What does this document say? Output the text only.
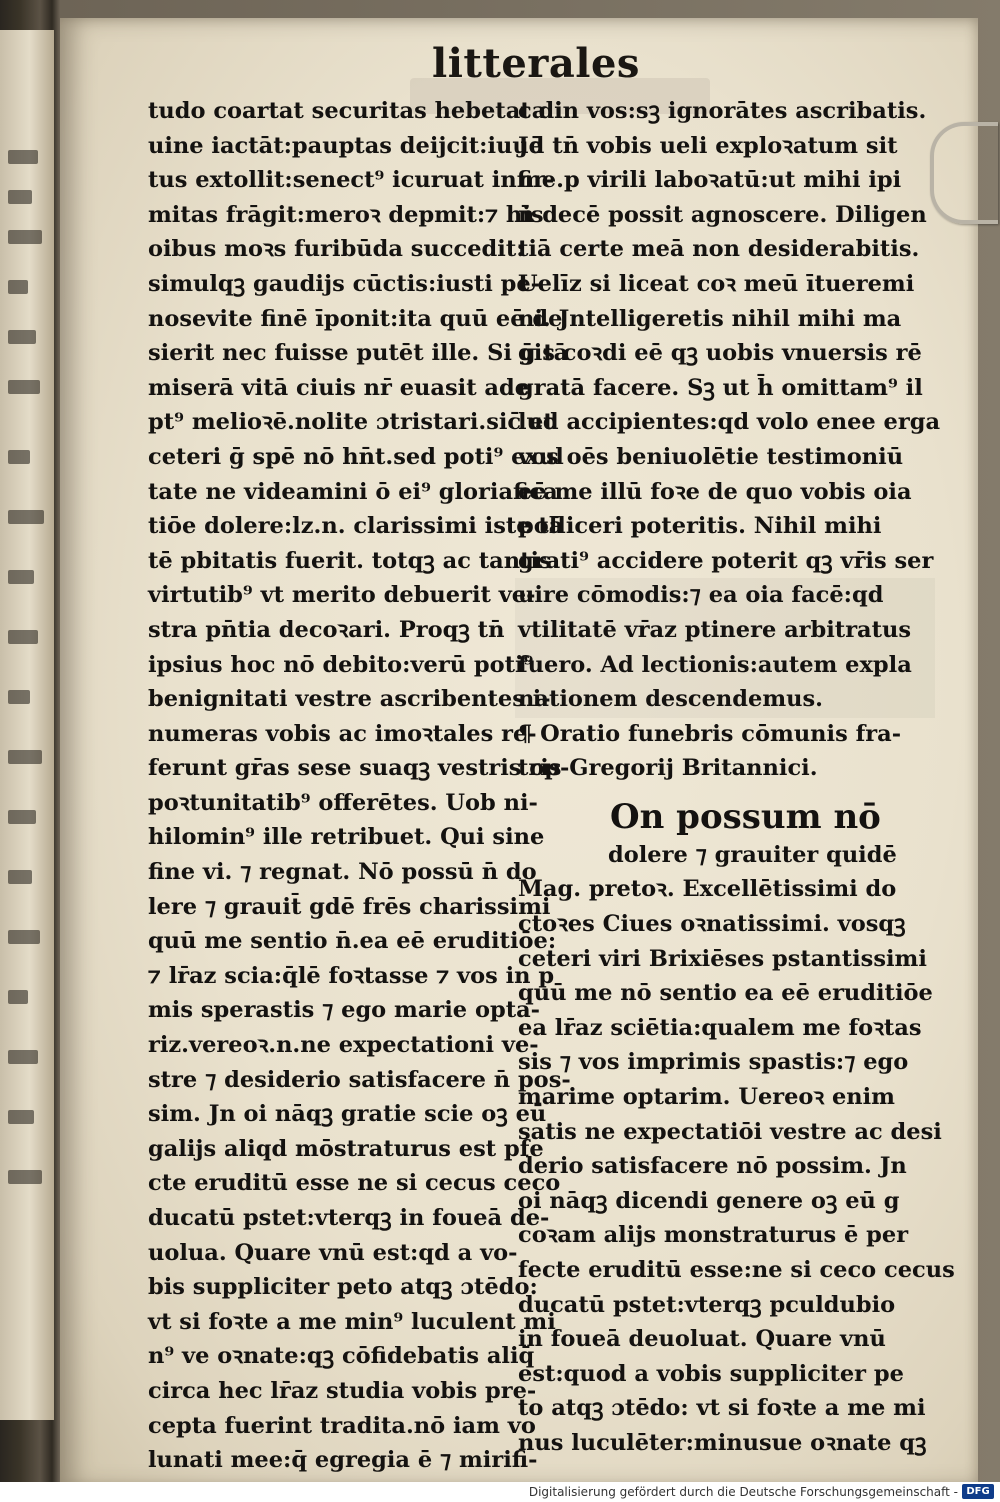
litterales
tudo coartat securitas hebetat di
uine iactāt:pauptas deijcit:iuuē
tus extollit:senect⁹ icuruat infir-
mitas frāgit:meroꝛ depmit:⁊ his
oibus moꝛs furibūda succedit:
simulqꝫ gaudijs cūctis:iusti pe-
nosevite finē īponit:ita quū eē de
sierit nec fuisse putēt ille. Si ḡ tā
miserā vitā ciuis nr̄ euasit ade
pt⁹ melioꝛē.nolite ɔtristari.sic̄ et
ceteri ḡ spē nō hn̄t.sed poti⁹ exul
tate ne videamini ō ei⁹ gloriafica
tiōe dolere:lz.n. clarissimi iste tā
tē pbitatis fuerit. totqꝫ ac tantis
virtutib⁹ vt merito debuerit ve-
stra pn̄tia decoꝛari. Proqꝫ tn̄
ipsius hoc nō debito:verū poti⁹
benignitati vestre ascribentes i-
numeras vobis ac imoꝛtales re-
ferunt gr̄as sese suaqꝫ vestris op-
poꝛtunitatib⁹ offerētes. Uob ni-
hilomin⁹ ille retribuet. Qui sine
fine vi. ⁊ regnat. Nō possū n̄ do
lere ⁊ grauit̄ gdē frēs charissimi
quū me sentio n̄.ea eē eruditiōe:
⁊ lr̄az scia:q̄lē foꝛtasse ⁊ vos in p
mis sperastis ⁊ ego marie opta-
riz.vereoꝛ.n.ne expectationi ve-
stre ⁊ desiderio satisfacere n̄ pos-
sim. Jn oi nāqꝫ gratie scie oꝫ eū
galijs aliqd mōstraturus est pfe
cte eruditū esse ne si cecus ceco
ducatū pstet:vterqꝫ in foueā de-
uolua. Quare vnū est:qd a vo-
bis suppliciter peto atqꝫ ɔtēdo:
vt si foꝛte a me min⁹ luculent mi
n⁹ ve oꝛnate:qꝫ cōfidebatis aliq̄
circa hec lr̄az studia vobis pre-
cepta fuerint tradita.nō iam vo
lunati mee:q̄ egregia ē ⁊ mirifi-
ca in vos:sꝫ ignorātes ascribatis.
Jd tn̄ vobis ueli exploꝛatum sit
me.p virili laboꝛatū:ut mihi ipi
n̄ decē possit agnoscere. Diligen
tiā certe meā non desiderabitis.
Uelīz si liceat coꝛ meū ītueremi
ni. Jntelligeretis nihil mihi ma
gis coꝛdi eē qꝫ uobis vnuersis rē
gratā facere. Sꝫ ut h̄ omittam⁹ il
lud accipientes:qd volo enee erga
vos oēs beniuolētie testimoniū
eē me illū foꝛe de quo vobis oia
polliceri poteritis. Nihil mihi
grati⁹ accidere poterit qꝫ vr̄is ser
uire cōmodis:⁊ ea oia facē:qd
vtilitatē vr̄az ptinere arbitratus
fuero. Ad lectionis:autem expla
nationem descendemus.
¶ Oratio funebris cōmunis fra-
tris Gregorij Britannici.
On possum nō
dolere ⁊ grauiter quidē
Mag. pretoꝛ. Excellētissimi do
ctoꝛes Ciues oꝛnatissimi. vosqꝫ
ceteri viri Brixiēses pstantissimi
quū me nō sentio ea eē eruditiōe
ea lr̄az sciētia:qualem me foꝛtas
sis ⁊ vos imprimis spastis:⁊ ego
marime optarim. Uereoꝛ enim
satis ne expectatiōi vestre ac desi
derio satisfacere nō possim. Jn
oi nāqꝫ dicendi genere oꝫ eū g
coꝛam alijs monstraturus ē per
fecte eruditū esse:ne si ceco cecus
ducatū pstet:vterqꝫ pculdubio
in foueā deuoluat. Quare vnū
est:quod a vobis suppliciter pe
to atqꝫ ɔtēdo: vt si foꝛte a me mi
nus luculēter:minusue oꝛnate qꝫ
Digitalisierung gefördert durch die Deutsche Forschungsgemeinschaft - DFG
